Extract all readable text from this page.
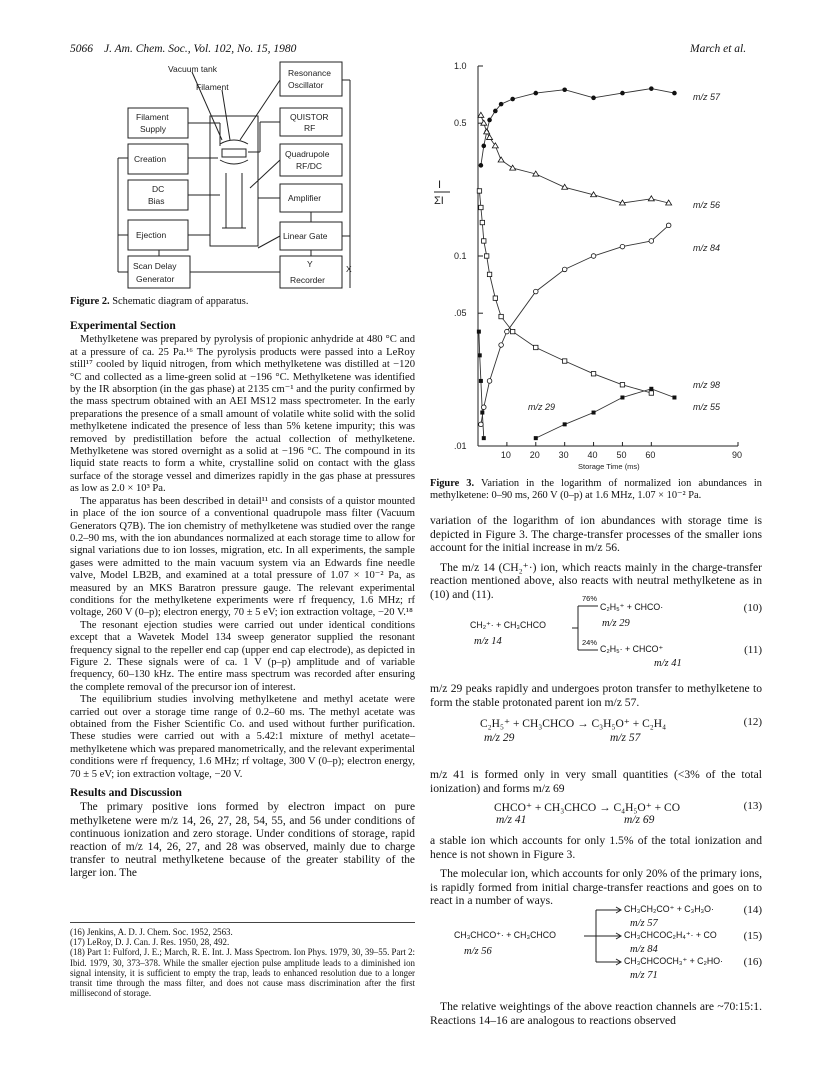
5066 J. Am. Chem. Soc., Vol. 102, No. 15, 1980	March et al.
Vacuum tank
Filament
Resonance
Oscillator
Filament
Supply
QUISTOR
RF
Creation	Quadrupole
RF/DC
DC
Bias	Amplifier
Ejection	Linear Gate
Scan Delay
Generator
Y	X
Recorder
Figure 2. Schematic diagram of apparatus.
Experimental Section

Methylketene was prepared by pyrolysis of propionic anhydride at 480 °C and at a pressure of ca. 25 Pa.¹⁶ The pyrolysis products were passed into a LeRoy still¹⁷ cooled by liquid nitrogen, from which methylketene was distilled at −120 °C and collected as a lime-green solid at −196 °C. Methylketene was identified by the IR absorption (in the gas phase) at 2135 cm⁻¹ and the purity confirmed by the mass spectrum obtained with an AEI MS12 mass spectrometer. In the early preparations the presence of a small amount of volatile white solid with the solid methylketene indicated the presence of less than 5% ketene impurity; this was removed by predistillation before the actual collection of methylketene. Methylketene was stored overnight as a solid at −196 °C. The compound in its liquid state reacts to form a white, crystalline solid on contact with the glass surface of the storage vessel and dimerizes rapidly in the gas phase at pressures as low as 2.0 × 10³ Pa.

The apparatus has been described in detail¹¹ and consists of a quistor mounted in place of the ion source of a conventional quadrupole mass filter (Vacuum Generators Q7B). The ion chemistry of methylketene was studied over the range 0.2–90 ms, with the ion abundances normalized at each storage time to allow for signal variations due to ion losses, migration, etc. In all experiments, the sample gases were admitted to the main vacuum system via an Edwards fine needle valve, Model LB2B, and examined at a total pressure of 1.07 × 10⁻² Pa, as measured by an MKS Baratron pressure gauge. The relevant experimental conditions for the methylketene experiments were rf frequency, 1.6 MHz; rf voltage, 260 V (0–p); electron energy, 70 ± 5 eV; ion extraction voltage, −20 V.¹⁸

The resonant ejection studies were carried out under identical conditions except that a Wavetek Model 134 sweep generator supplied the resonant frequency signal to the repeller end cap (upper end cap electrode), as depicted in Figure 2. These signals were of ca. 1 V (p–p) amplitude and of variable frequency, 60–130 kHz. The entire mass spectrum was recorded after ensuring the complete removal of the precursor ion of interest.

The equilibrium studies involving methylketene and methyl acetate were carried out over a storage time range of 0.2–60 ms. The methyl acetate was obtained from the Fisher Scientific Co. and used without further purification. These studies were carried out with a 5.42:1 mixture of methyl acetate–methylketene which was prepared manometrically, and the relevant experimental conditions were rf frequency, 1.6 MHz; rf voltage, 300 V (0–p); electron energy, 70 ± 5 eV; ion extraction voltage, −20 V.

Results and Discussion

The primary positive ions formed by electron impact on pure methylketene were m/z 14, 26, 27, 28, 54, 55, and 56 under conditions of continuous ionization and zero storage. Under conditions of storage, rapid reaction of m/z 14, 26, 27, and 28 was observed, mainly due to charge transfer to neutral methylketene because of the greater stability of the larger ion. The

(16) Jenkins, A. D. J. Chem. Soc. 1952, 2563.
(17) LeRoy, D. J. Can. J. Res. 1950, 28, 492.
(18) Part 1: Fulford, J. E.; March, R. E. Int. J. Mass Spectrom. Ion Phys. 1979, 30, 39–55. Part 2: Ibid. 1979, 30, 373–378. While the smaller ejection pulse amplitude leads to a diminished ion signal intensity, it is sufficient to empty the trap, leads to enhanced resolution due to a longer transit time through the mass filter, and does not cause mass discrimination after the first millisecond of storage.
1.0
0.5
0.1
.05
.01
10 20 30 40 50 60	90
I
ΣI
Storage Time (ms)
m/z 57
m/z 56
m/z 84
m/z 98
m/z 55
m/z 29
Figure 3. Variation in the logarithm of normalized ion abundances in methylketene: 0–90 ms, 260 V (0–p) at 1.6 MHz, 1.07 × 10⁻² Pa.

variation of the logarithm of ion abundances with storage time is depicted in Figure 3. The charge-transfer processes of the smaller ions account for the initial increase in m/z 56.

The m/z 14 (CH₂⁺·) ion, which reacts mainly in the charge-transfer reaction mentioned above, also reacts with neutral methylketene as in (10) and (11).

CH₂⁺· + CH₃CHCO
m/z 14
76%
C₂H₅⁺ + CHCO·
m/z 29
(10)
24%
C₂H₅· + CHCO⁺
m/z 41
(11)

m/z 29 peaks rapidly and undergoes proton transfer to methylketene to form the stable protonated parent ion m/z 57.

C₂H₅⁺ + CH₃CHCO → C₃H₅O⁺ + C₂H₄
m/z 29	m/z 57
(12)

m/z 41 is formed only in very small quantities (<3% of the total ionization) and forms m/z 69

CHCO⁺ + CH₃CHCO → C₄H₅O⁺ + CO
m/z 41	m/z 69
(13)

a stable ion which accounts for only 1.5% of the total ionization and hence is not shown in Figure 3.

The molecular ion, which accounts for only 20% of the primary ions, is rapidly formed from initial charge-transfer reactions and goes on to react in a number of ways.

CH₃CHCO⁺· + CH₃CHCO
m/z 56
CH₃CH₂CO⁺ + C₃H₃O·
m/z 57
(14)
CH₃CHCOC₂H₄⁺· + CO
m/z 84
(15)
CH₃CHCOCH₃⁺ + C₂HO·
m/z 71
(16)

The relative weightings of the above reaction channels are ~70:15:1. Reactions 14–16 are analogous to reactions observed
